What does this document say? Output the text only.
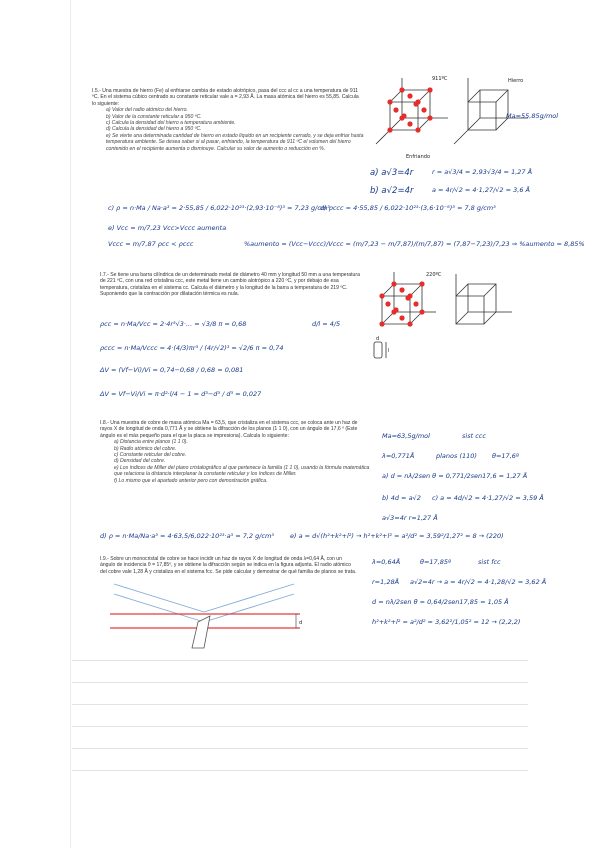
I.5.- Una muestra de hierro (Fe) al enfriarse cambia de estado alotrópico, pasa del ccc al cc a una temperatura de 911 ºC. En el sistema cúbico centrado su constante reticular vale a = 2,93 Å. La masa atómica del hierro es 55,85. Calcula lo siguiente:
a) Valor del radio atómico del hierro.
b) Valor de la constante reticular a 950 ºC.
c) Calcula la densidad del hierro a temperatura ambiente.
d) Calcula la densidad del hierro a 950 ºC.
e) Se vierte una determinada cantidad de hierro en estado líquido en un recipiente cerrado, y se deja enfriar hasta temperatura ambiente. Se desea saber si al pasar, enfriando, la temperatura de 911 ºC el volumen del hierro contenido en el recipiente aumenta o disminuye. Calcular su valor de aumento o reducción en %.
911ºC	Hierro
Enfriando
Ma=55,85g/mol
a) a√3=4r	r = a√3/4 = 2,93√3/4 = 1,27 Å
b) a√2=4r	a = 4r/√2 = 4·1,27/√2 = 3,6 Å
c) ρ = n·Ma / Na·a³ = 2·55,85 / 6,022·10²³·(2,93·10⁻⁸)³ = 7,23 g/cm³
d) ρccc = 4·55,85 / 6,022·10²³·(3,6·10⁻⁸)³ = 7,8 g/cm³
e) Vcc = m/7,23 Vcc>Vccc aumenta
Vccc = m/7,87 ρcc < ρccc	%aumento = (Vcc−Vccc)/Vccc = (m/7,23 − m/7,87)/(m/7,87) = (7,87−7,23)/7,23 ⇒ %aumento = 8,85%
I.7.- Se tiene una barra cilíndrica de un determinado metal de diámetro 40 mm y longitud 50 mm a una temperatura de 221 ºC, con una red cristalina ccc, este metal tiene un cambio alotrópico a 220 ºC, y por debajo de esa temperatura, cristaliza en el sistema cc. Calcula el diámetro y la longitud de la barra a temperatura de 219 ºC. Suponiendo que la contracción por dilatación térmica es nula.
220ºC
l
d
ρcc = n·Ma/Vcc = 2·4r³√3·... = √3/8 π = 0,68	d/l = 4/5
ρccc = n·Ma/Vccc = 4·(4/3)πr³ / (4r/√2)³ = √2/6 π = 0,74
ΔV = (Vf−Vi)/Vi = 0,74−0,68 / 0,68 = 0,081
ΔV = Vf−Vi/Vi = π·d²·l/4 − 1 = d³−d³ / d³ = 0,027
I.8.- Una muestra de cobre de masa atómica Ma = 63,5, que cristaliza en el sistema ccc, se coloca ante un haz de rayos X de longitud de onda 0,771 Å y se obtiene la difracción de los planos (1 1 0), con un ángulo de 17,6 º (Este ángulo es el más pequeño para el que la placa se impresiona). Calcula lo siguiente:
a) Distancia entre planos (1 1 0).
b) Radio atómico del cobre.
c) Constante reticular del cobre.
d) Densidad del cobre.
e) Los índices de Miller del plano cristalográfico al que pertenece la familia (1 1 0), usando la fórmula matemática que relaciona la distancia interplanar la constante reticular y los índices de Miller.
f) Lo mismo que el apartado anterior pero con demostración gráfica.
Ma=63,5g/mol	sist ccc
λ=0,771Å	planos (110) θ=17,6º
a) d = nλ/2sen θ = 0,771/2sen17,6 = 1,27 Å
b) 4d = a√2 c) a = 4d/√2 = 4·1,27/√2 = 3,59 Å
a√3=4r r=1,27 Å
d) ρ = n·Ma/Na·a³ = 4·63,5/6,022·10²³·a³ = 7,2 g/cm³ e) a = d√(h²+k²+l²) → h²+k²+l² = a²/d² = 3,59²/1,27² = 8 → (220)
I.9.- Sobre un monocristal de cobre se hace incidir un haz de rayos X de longitud de onda λ=0,64 Å, con un ángulo de incidencia θ = 17,85º, y se obtiene la difracción según se indica en la figura adjunta. El radio atómico del cobre vale 1,28 Å y cristaliza en el sistema fcc. Se pide calcular y demostrar de qué familia de planos se trata.
d
λ=0,64Å	θ=17,85º	sist fcc
r=1,28Å a√2=4r → a = 4r/√2 = 4·1,28/√2 = 3,62 Å
d = nλ/2sen θ = 0,64/2sen17,85 = 1,05 Å
h²+k²+l² = a²/d² = 3,62²/1,05² = 12 → (2,2,2)
